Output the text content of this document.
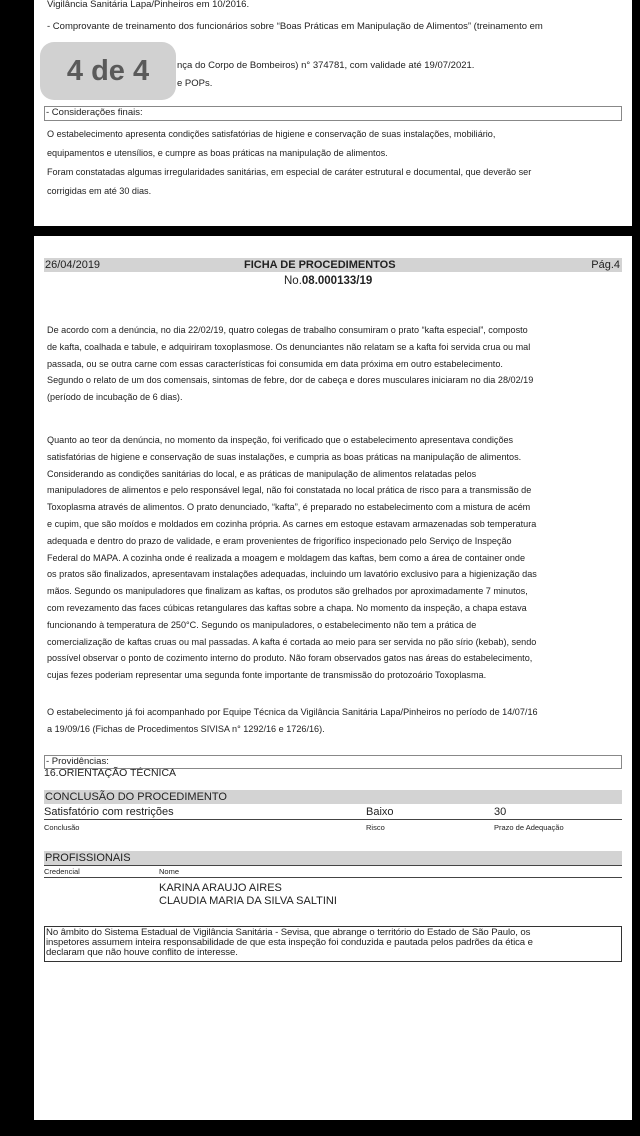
4 de 4
Vigilância Sanitária Lapa/Pinheiros em 10/2016.
- Comprovante de treinamento dos funcionários sobre “Boas Práticas em Manipulação de Alimentos” (treinamento em
nça do Corpo de Bombeiros) n° 374781, com validade até 19/07/2021.
e POPs.
- Considerações finais:
O estabelecimento apresenta condições satisfatórias de higiene e conservação de suas instalações, mobiliário,
equipamentos e utensílios, e cumpre as boas práticas na manipulação de alimentos.
Foram constatadas algumas irregularidades sanitárias, em especial de caráter estrutural e documental, que deverão ser
corrigidas em até 30 dias.
26/04/2019	FICHA DE PROCEDIMENTOS	Pág.4
No.08.000133/19
De acordo com a denúncia, no dia 22/02/19, quatro colegas de trabalho consumiram o prato “kafta especial”, composto
de kafta, coalhada e tabule, e adquiriram toxoplasmose. Os denunciantes não relatam se a kafta foi servida crua ou mal
passada, ou se outra carne com essas características foi consumida em data próxima em outro estabelecimento.
Segundo o relato de um dos comensais, sintomas de febre, dor de cabeça e dores musculares iniciaram no dia 28/02/19
(período de incubação de 6 dias).
Quanto ao teor da denúncia, no momento da inspeção, foi verificado que o estabelecimento apresentava condições
satisfatórias de higiene e conservação de suas instalações, e cumpria as boas práticas na manipulação de alimentos.
Considerando as condições sanitárias do local, e as práticas de manipulação de alimentos relatadas pelos
manipuladores de alimentos e pelo responsável legal, não foi constatada no local prática de risco para a transmissão de
Toxoplasma através de alimentos. O prato denunciado, “kafta”, é preparado no estabelecimento com a mistura de acém
e cupim, que são moídos e moldados em cozinha própria. As carnes em estoque estavam armazenadas sob temperatura
adequada e dentro do prazo de validade, e eram provenientes de frigorífico inspecionado pelo Serviço de Inspeção
Federal do MAPA. A cozinha onde é realizada a moagem e moldagem das kaftas, bem como a área de container onde
os pratos são finalizados, apresentavam instalações adequadas, incluindo um lavatório exclusivo para a higienização das
mãos. Segundo os manipuladores que finalizam as kaftas, os produtos são grelhados por aproximadamente 7 minutos,
com revezamento das faces cúbicas retangulares das kaftas sobre a chapa. No momento da inspeção, a chapa estava
funcionando à temperatura de 250°C. Segundo os manipuladores, o estabelecimento não tem a prática de
comercialização de kaftas cruas ou mal passadas. A kafta é cortada ao meio para ser servida no pão sírio (kebab), sendo
possível observar o ponto de cozimento interno do produto. Não foram observados gatos nas áreas do estabelecimento,
cujas fezes poderiam representar uma segunda fonte importante de transmissão do protozoário Toxoplasma.
O estabelecimento já foi acompanhado por Equipe Técnica da Vigilância Sanitária Lapa/Pinheiros no período de 14/07/16
a 19/09/16 (Fichas de Procedimentos SIVISA n° 1292/16 e 1726/16).
- Providências:
16.ORIENTAÇÃO TÉCNICA
CONCLUSÃO DO PROCEDIMENTO
Satisfatório com restrições	Baixo	30
Conclusão	Risco	Prazo de Adequação
PROFISSIONAIS
Credencial	Nome
KARINA ARAUJO AIRES
CLAUDIA MARIA DA SILVA SALTINI
No âmbito do Sistema Estadual de Vigilância Sanitária - Sevisa, que abrange o território do Estado de São Paulo, os
inspetores assumem inteira responsabilidade de que esta inspeção foi conduzida e pautada pelos padrões da ética e
declaram que não houve conflito de interesse.
